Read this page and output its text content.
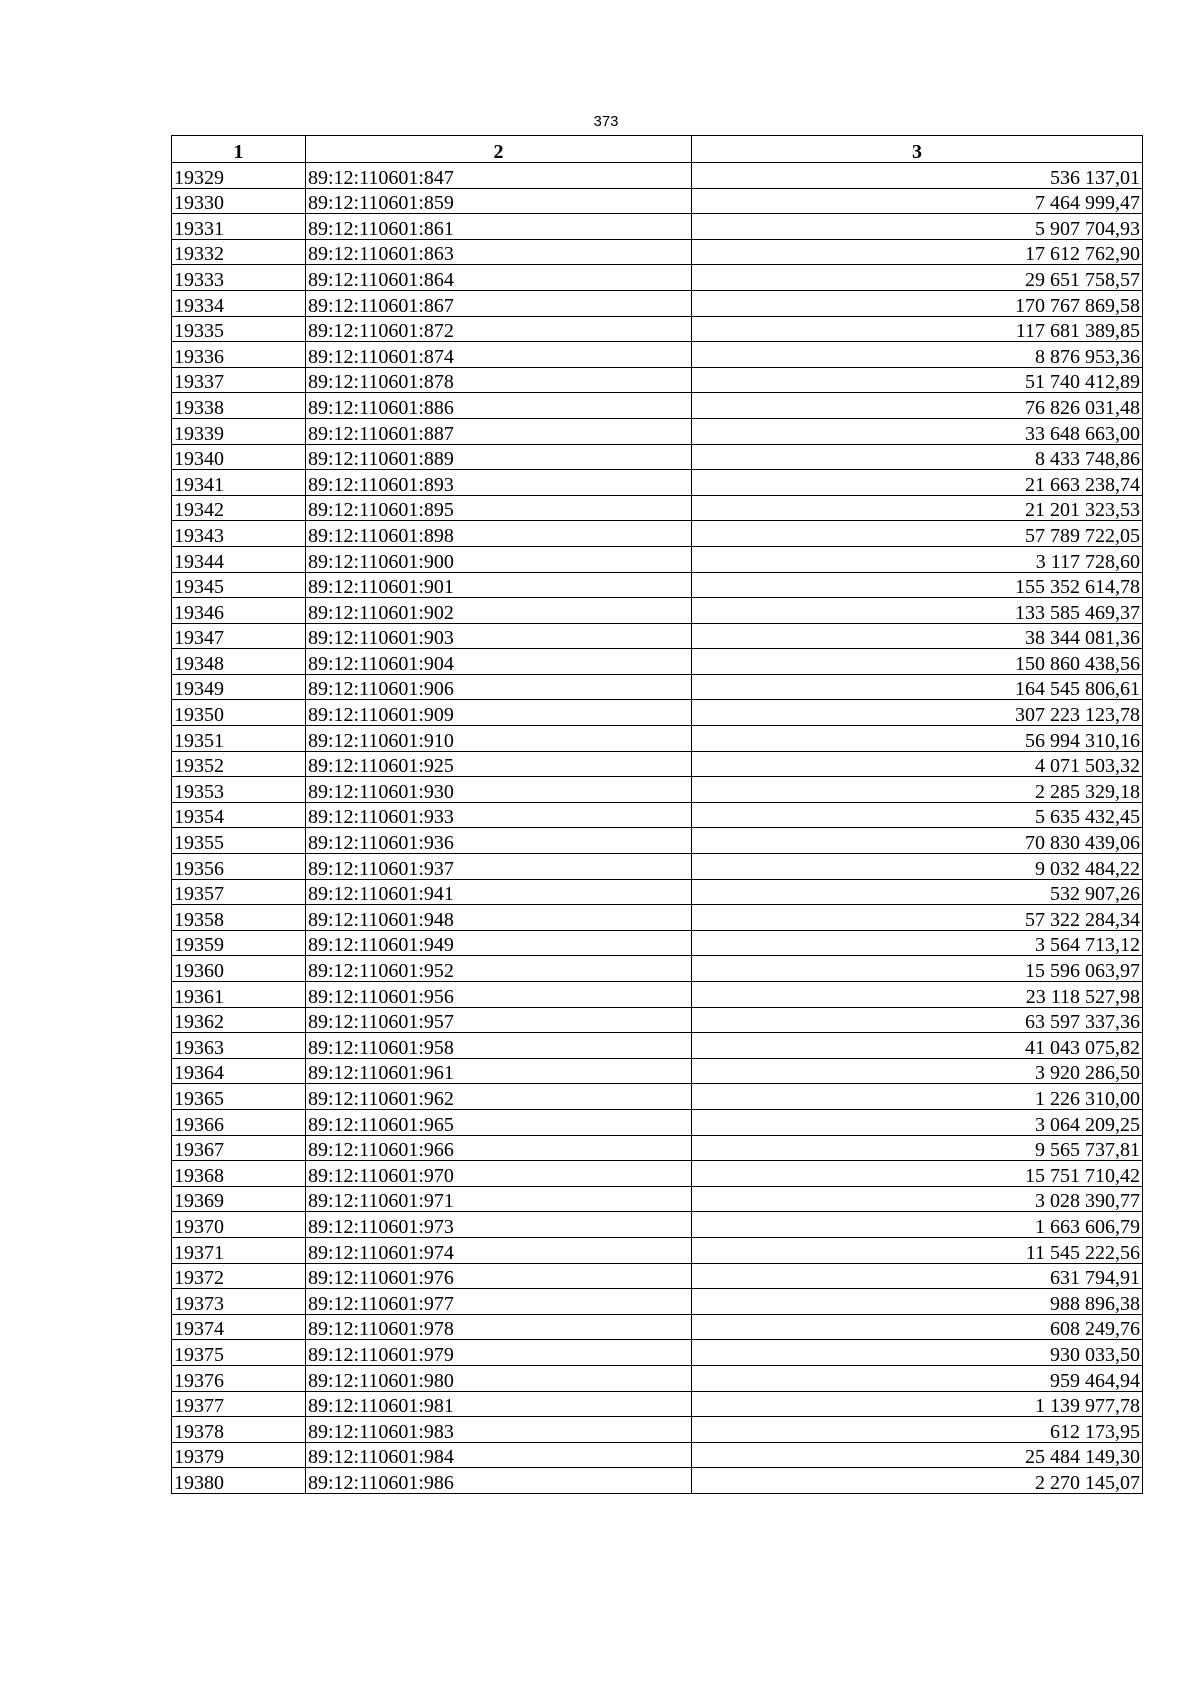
373
1	2	3
19329	89:12:110601:847	536 137,01
19330	89:12:110601:859	7 464 999,47
19331	89:12:110601:861	5 907 704,93
19332	89:12:110601:863	17 612 762,90
19333	89:12:110601:864	29 651 758,57
19334	89:12:110601:867	170 767 869,58
19335	89:12:110601:872	117 681 389,85
19336	89:12:110601:874	8 876 953,36
19337	89:12:110601:878	51 740 412,89
19338	89:12:110601:886	76 826 031,48
19339	89:12:110601:887	33 648 663,00
19340	89:12:110601:889	8 433 748,86
19341	89:12:110601:893	21 663 238,74
19342	89:12:110601:895	21 201 323,53
19343	89:12:110601:898	57 789 722,05
19344	89:12:110601:900	3 117 728,60
19345	89:12:110601:901	155 352 614,78
19346	89:12:110601:902	133 585 469,37
19347	89:12:110601:903	38 344 081,36
19348	89:12:110601:904	150 860 438,56
19349	89:12:110601:906	164 545 806,61
19350	89:12:110601:909	307 223 123,78
19351	89:12:110601:910	56 994 310,16
19352	89:12:110601:925	4 071 503,32
19353	89:12:110601:930	2 285 329,18
19354	89:12:110601:933	5 635 432,45
19355	89:12:110601:936	70 830 439,06
19356	89:12:110601:937	9 032 484,22
19357	89:12:110601:941	532 907,26
19358	89:12:110601:948	57 322 284,34
19359	89:12:110601:949	3 564 713,12
19360	89:12:110601:952	15 596 063,97
19361	89:12:110601:956	23 118 527,98
19362	89:12:110601:957	63 597 337,36
19363	89:12:110601:958	41 043 075,82
19364	89:12:110601:961	3 920 286,50
19365	89:12:110601:962	1 226 310,00
19366	89:12:110601:965	3 064 209,25
19367	89:12:110601:966	9 565 737,81
19368	89:12:110601:970	15 751 710,42
19369	89:12:110601:971	3 028 390,77
19370	89:12:110601:973	1 663 606,79
19371	89:12:110601:974	11 545 222,56
19372	89:12:110601:976	631 794,91
19373	89:12:110601:977	988 896,38
19374	89:12:110601:978	608 249,76
19375	89:12:110601:979	930 033,50
19376	89:12:110601:980	959 464,94
19377	89:12:110601:981	1 139 977,78
19378	89:12:110601:983	612 173,95
19379	89:12:110601:984	25 484 149,30
19380	89:12:110601:986	2 270 145,07
